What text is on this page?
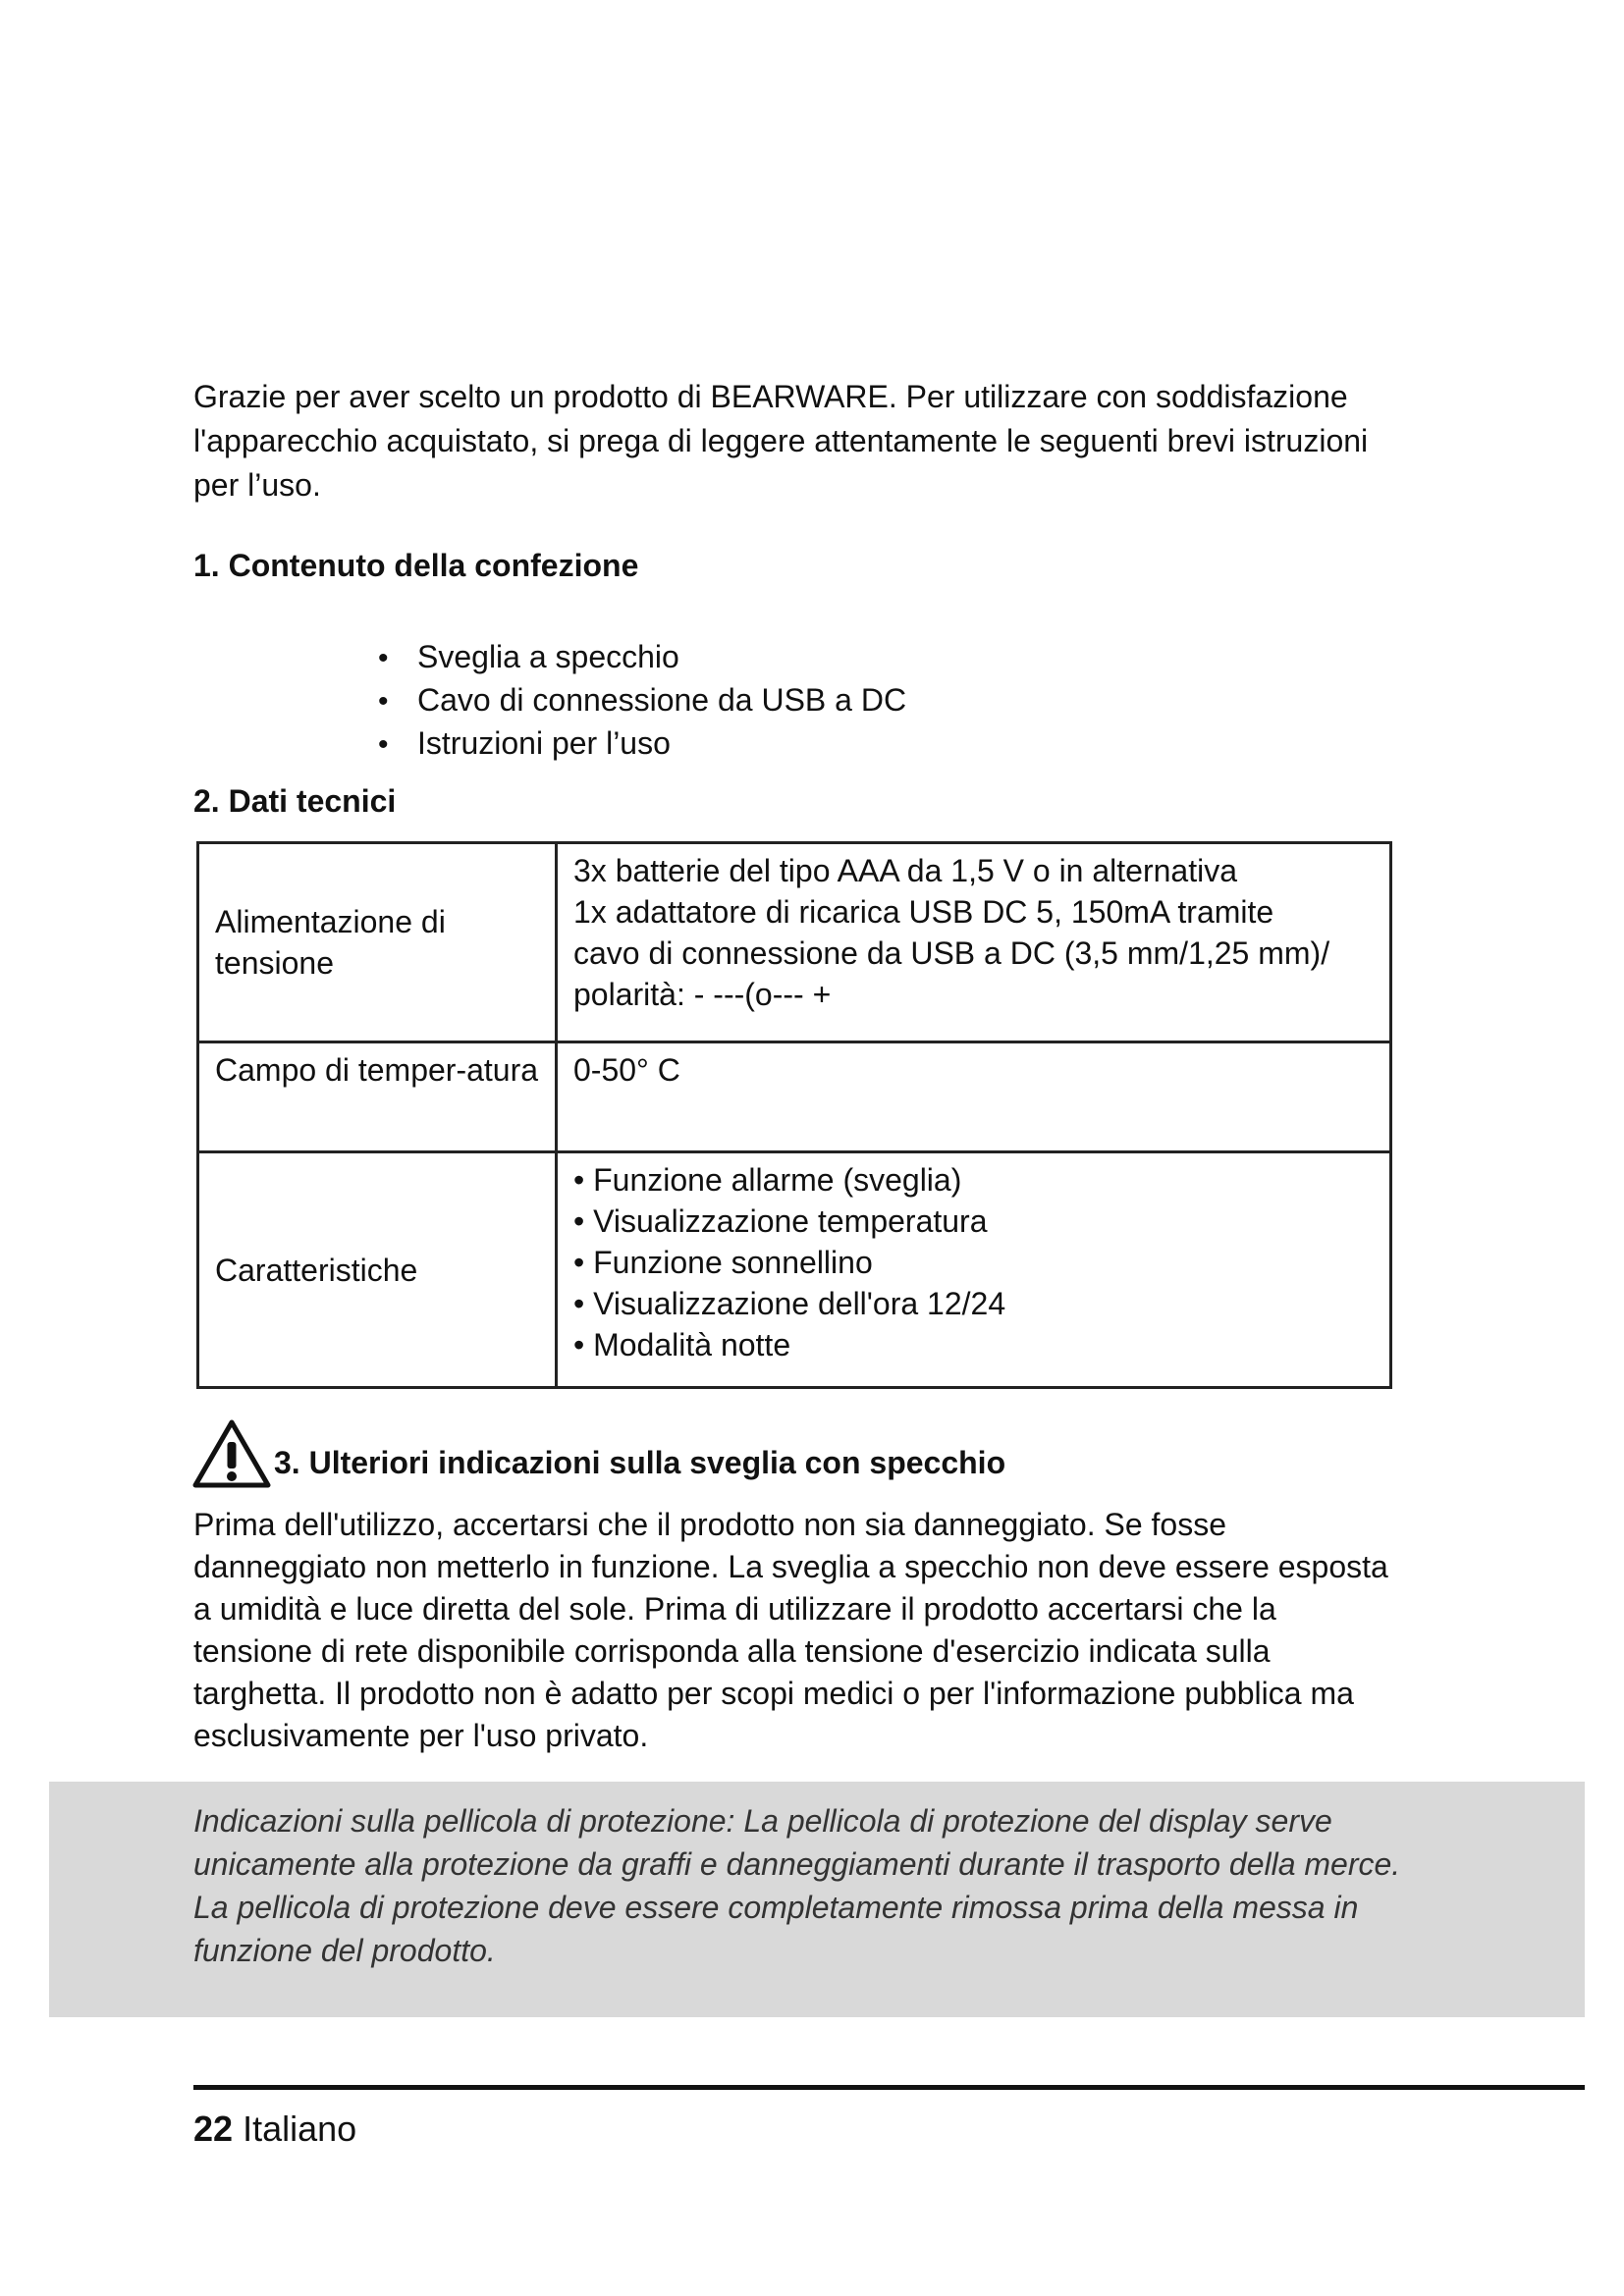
Grazie per aver scelto un prodotto di BEARWARE. Per utilizzare con soddisfazione l'apparecchio acquistato, si prega di leggere attentamente le seguenti brevi istruzioni per l’uso.

1. Contenuto della confezione

• Sveglia a specchio
• Cavo di connessione da USB a DC
• Istruzioni per l’uso

2. Dati tecnici

Alimentazione di tensione	3x batterie del tipo AAA da 1,5 V o in alternativa
1x adattatore di ricarica USB DC 5, 150mA tramite
cavo di connessione da USB a DC (3,5 mm/1,25 mm)/
polarità: - ---(o--- +

Campo di temper-atura	0-50° C

Caratteristiche	• Funzione allarme (sveglia)
• Visualizzazione temperatura
• Funzione sonnellino
• Visualizzazione dell'ora 12/24
• Modalità notte

3. Ulteriori indicazioni sulla sveglia con specchio

Prima dell'utilizzo, accertarsi che il prodotto non sia danneggiato. Se fosse danneggiato non metterlo in funzione. La sveglia a specchio non deve essere esposta a umidità e luce diretta del sole. Prima di utilizzare il prodotto accertarsi che la tensione di rete disponibile corrisponda alla tensione d'esercizio indicata sulla targhetta. Il prodotto non è adatto per scopi medici o per l'informazione pubblica ma esclusivamente per l'uso privato.

Indicazioni sulla pellicola di protezione: La pellicola di protezione del display serve unicamente alla protezione da graffi e danneggiamenti durante il trasporto della merce. La pellicola di protezione deve essere completamente rimossa prima della messa in funzione del prodotto.

22 Italiano
